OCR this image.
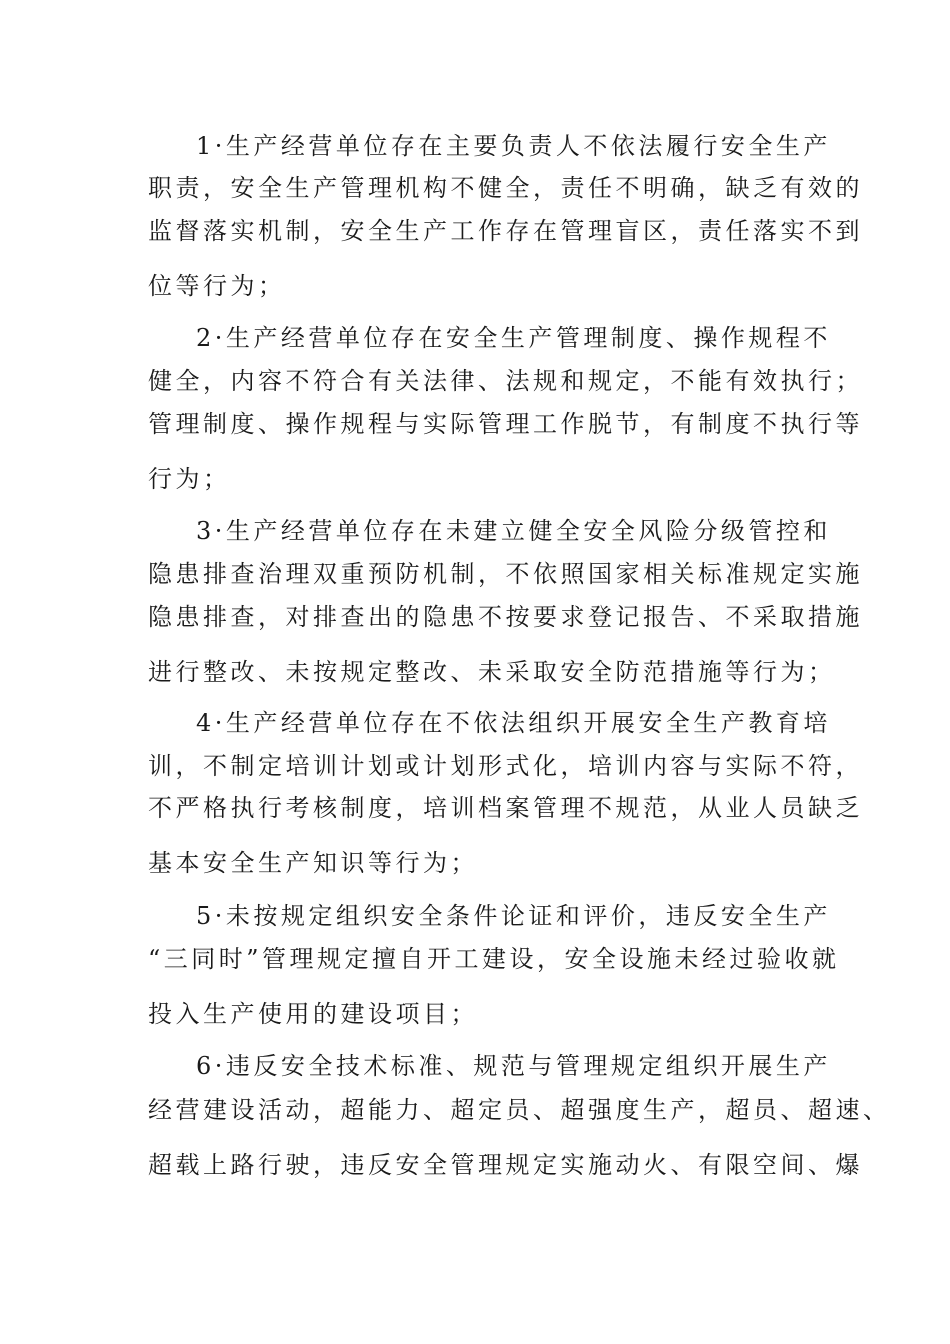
1·生产经营单位存在主要负责人不依法履行安全生产
职责，安全生产管理机构不健全，责任不明确，缺乏有效的
监督落实机制，安全生产工作存在管理盲区，责任落实不到
位等行为；
2·生产经营单位存在安全生产管理制度、操作规程不
健全，内容不符合有关法律、法规和规定，不能有效执行；
管理制度、操作规程与实际管理工作脱节，有制度不执行等
行为；
3·生产经营单位存在未建立健全安全风险分级管控和
隐患排查治理双重预防机制，不依照国家相关标准规定实施
隐患排查，对排查出的隐患不按要求登记报告、不采取措施
进行整改、未按规定整改、未采取安全防范措施等行为；
4·生产经营单位存在不依法组织开展安全生产教育培
训，不制定培训计划或计划形式化，培训内容与实际不符，
不严格执行考核制度，培训档案管理不规范，从业人员缺乏
基本安全生产知识等行为；
5·未按规定组织安全条件论证和评价，违反安全生产
“三同时”管理规定擅自开工建设，安全设施未经过验收就
投入生产使用的建设项目；
6·违反安全技术标准、规范与管理规定组织开展生产
经营建设活动，超能力、超定员、超强度生产，超员、超速、
超载上路行驶，违反安全管理规定实施动火、有限空间、爆
